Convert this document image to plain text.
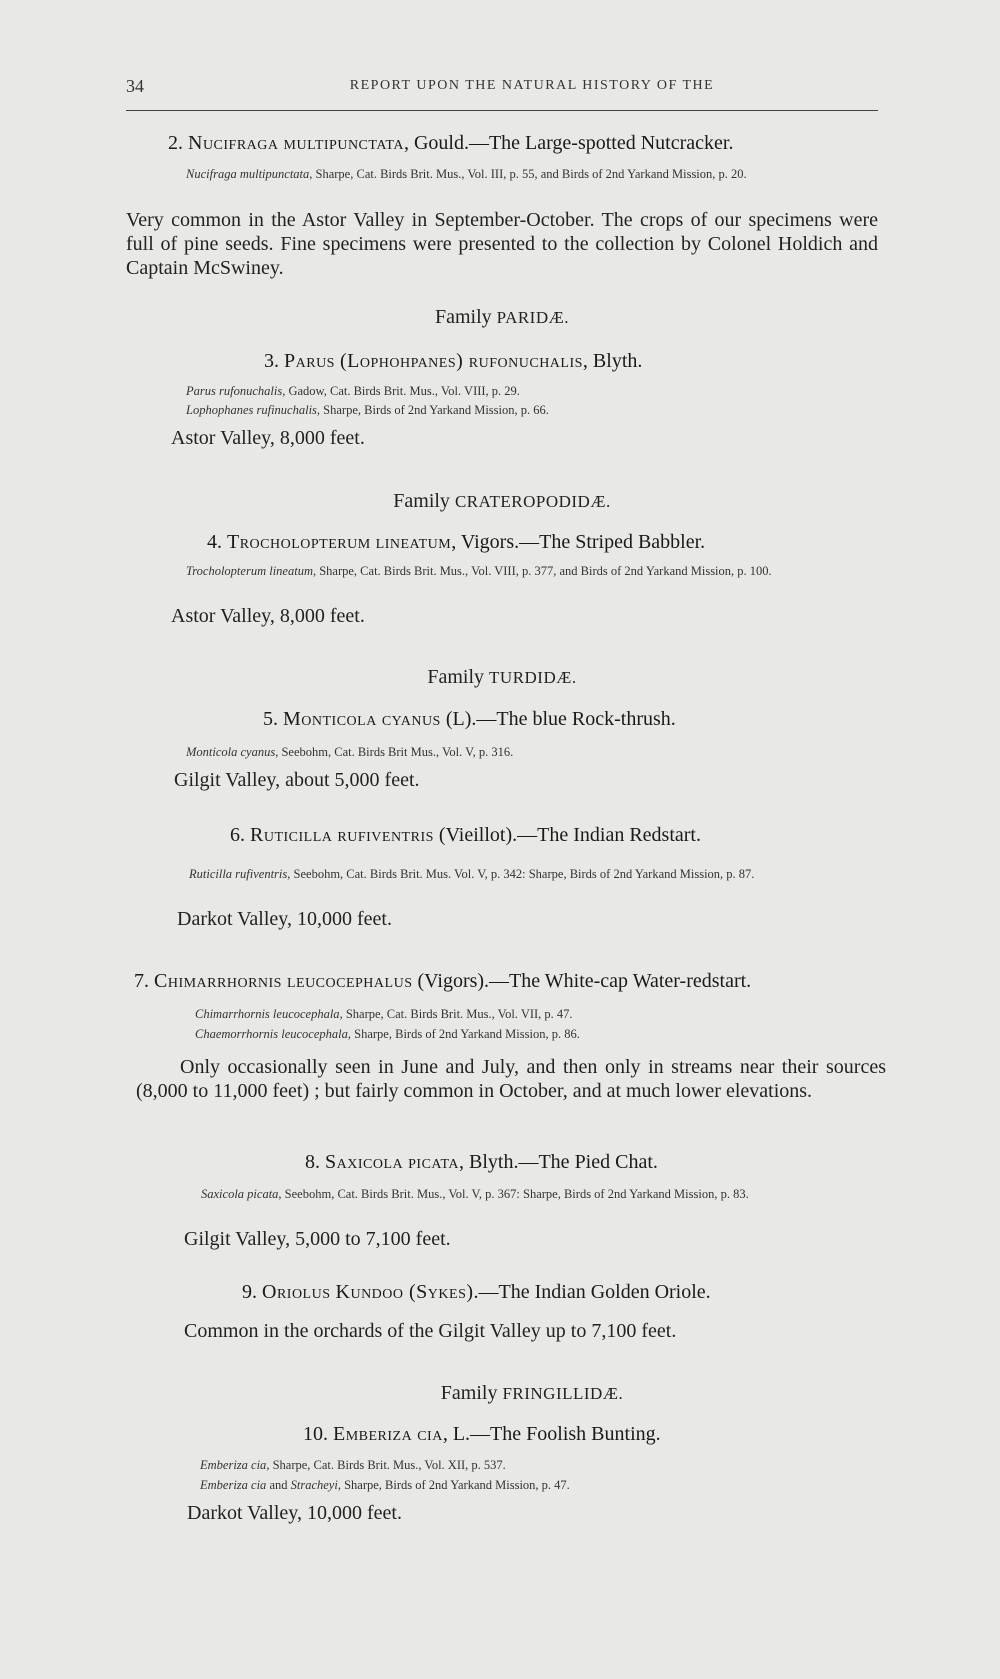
34	REPORT UPON THE NATURAL HISTORY OF THE
2. Nucifraga multipunctata, Gould.—The Large-spotted Nutcracker.
Nucifraga multipunctata, Sharpe, Cat. Birds Brit. Mus., Vol. III, p. 55, and Birds of 2nd Yarkand Mission, p. 20.
Very common in the Astor Valley in September-October. The crops of our specimens were full of pine seeds. Fine specimens were presented to the collection by Colonel Holdich and Captain McSwiney.
Family PARIDÆ.
3. Parus (Lophohpanes) rufonuchalis, Blyth.
Parus rufonuchalis, Gadow, Cat. Birds Brit. Mus., Vol. VIII, p. 29.
Lophophanes rufinuchalis, Sharpe, Birds of 2nd Yarkand Mission, p. 66.
Astor Valley, 8,000 feet.
Family CRATEROPODIDÆ.
4. Trocholopterum lineatum, Vigors.—The Striped Babbler.
Trocholopterum lineatum, Sharpe, Cat. Birds Brit. Mus., Vol. VIII, p. 377, and Birds of 2nd Yarkand Mission, p. 100.
Astor Valley, 8,000 feet.
Family TURDIDÆ.
5. Monticola cyanus (L).—The blue Rock-thrush.
Monticola cyanus, Seebohm, Cat. Birds Brit Mus., Vol. V, p. 316.
Gilgit Valley, about 5,000 feet.
6. Ruticilla rufiventris (Vieillot).—The Indian Redstart.
Ruticilla rufiventris, Seebohm, Cat. Birds Brit. Mus. Vol. V, p. 342: Sharpe, Birds of 2nd Yarkand Mission, p. 87.
Darkot Valley, 10,000 feet.
7. Chimarrhornis leucocephalus (Vigors).—The White-cap Water-redstart.
Chimarrhornis leucocephala, Sharpe, Cat. Birds Brit. Mus., Vol. VII, p. 47.
Chaemorrhornis leucocephala, Sharpe, Birds of 2nd Yarkand Mission, p. 86.
Only occasionally seen in June and July, and then only in streams near their sources (8,000 to 11,000 feet) ; but fairly common in October, and at much lower elevations.
8. Saxicola picata, Blyth.—The Pied Chat.
Saxicola picata, Seebohm, Cat. Birds Brit. Mus., Vol. V, p. 367: Sharpe, Birds of 2nd Yarkand Mission, p. 83.
Gilgit Valley, 5,000 to 7,100 feet.
9. Oriolus Kundoo (Sykes).—The Indian Golden Oriole.
Common in the orchards of the Gilgit Valley up to 7,100 feet.
Family FRINGILLIDÆ.
10. Emberiza cia, L.—The Foolish Bunting.
Emberiza cia, Sharpe, Cat. Birds Brit. Mus., Vol. XII, p. 537.
Emberiza cia and Stracheyi, Sharpe, Birds of 2nd Yarkand Mission, p. 47.
Darkot Valley, 10,000 feet.
